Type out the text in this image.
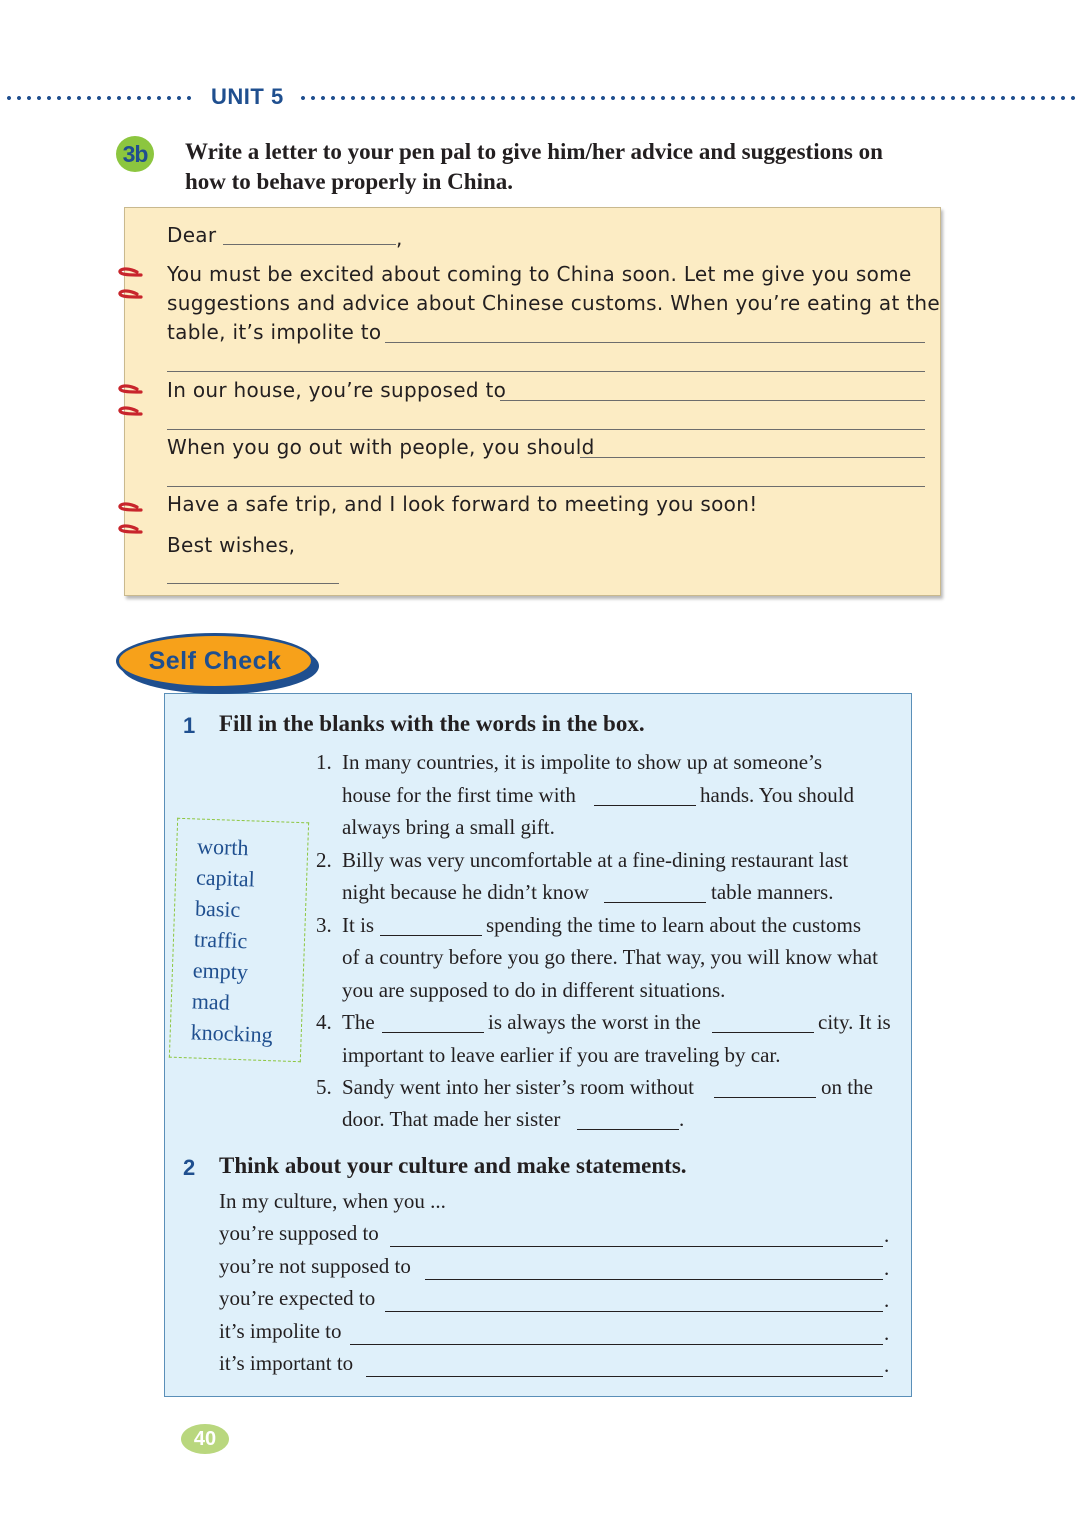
UNIT 5
3b Write a letter to your pen pal to give him/her advice and suggestions on
how to behave properly in China.
Dear	,
You must be excited about coming to China soon. Let me give you some
suggestions and advice about Chinese customs. When you’re eating at the
table, it’s impolite to
In our house, you’re supposed to
When you go out with people, you should
Have a safe trip, and I look forward to meeting you soon!
Best wishes,
Self Check
1 Fill in the blanks with the words in the box.
worth
capital
basic
traffic
empty
mad
knocking
1. In many countries, it is impolite to show up at someone’s
house for the first time with	hands. You should
always bring a small gift.
2. Billy was very uncomfortable at a fine-dining restaurant last
night because he didn’t know	table manners.
3. It is	spending the time to learn about the customs
of a country before you go there. That way, you will know what
you are supposed to do in different situations.
4. The	is always the worst in the	city. It is
important to leave earlier if you are traveling by car.
5. Sandy went into her sister’s room without	on the
door. That made her sister	.
2 Think about your culture and make statements.
In my culture, when you ...
you’re supposed to	.
you’re not supposed to	.
you’re expected to	.
it’s impolite to	.
it’s important to	.
40
